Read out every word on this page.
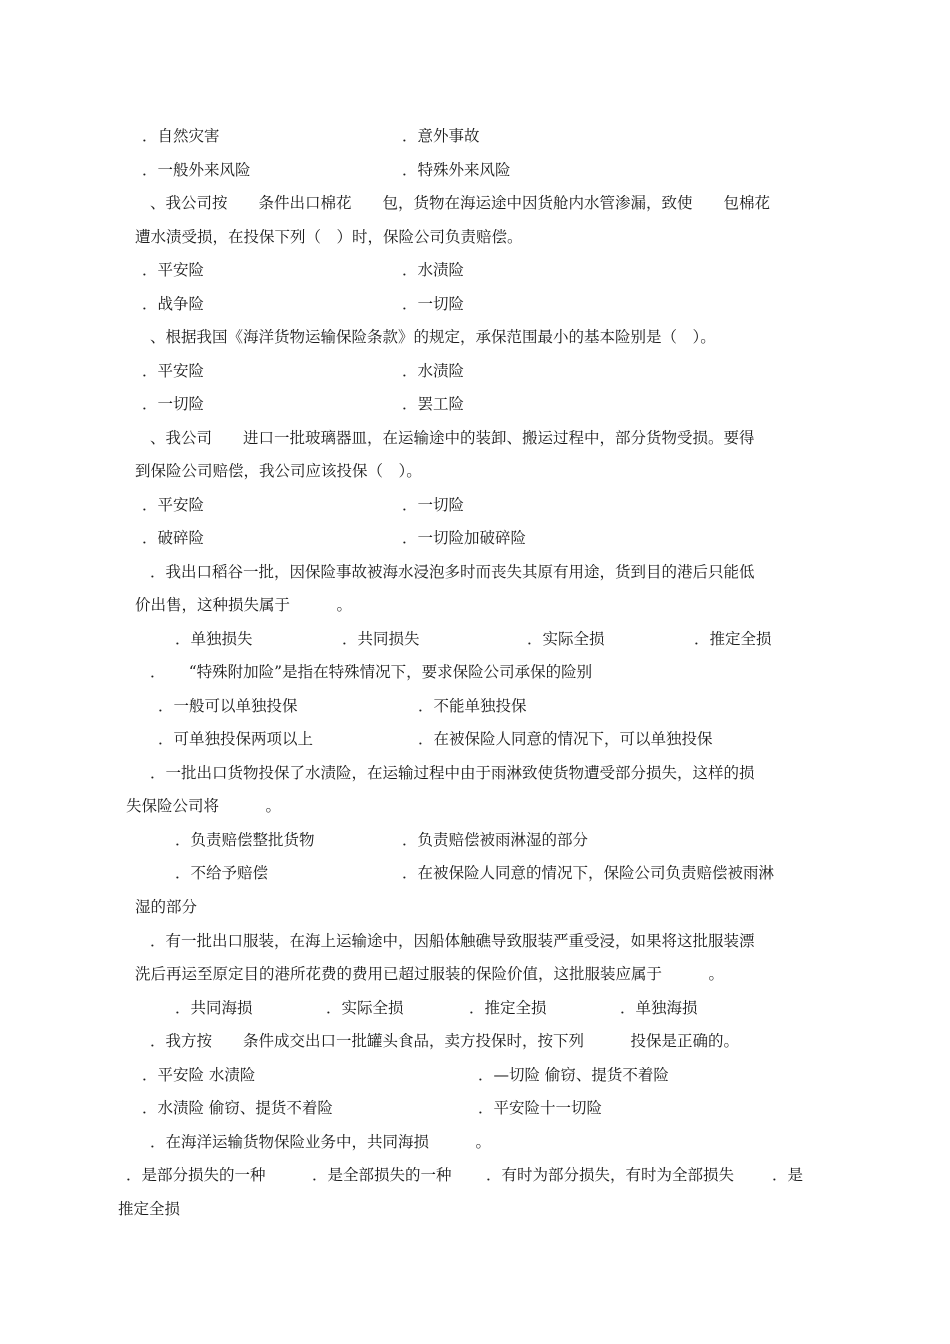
．自然灾害	．意外事故
．一般外来风险	．特殊外来风险
、我公司按　　条件出口棉花　　包，货物在海运途中因货舱内水管渗漏，致使　　包棉花
遭水渍受损，在投保下列（　）时，保险公司负责赔偿。
．平安险	．水渍险
．战争险	．一切险
、根据我国《海洋货物运输保险条款》的规定，承保范围最小的基本险别是（　）。
．平安险	．水渍险
．一切险	．罢工险
、我公司　　进口一批玻璃器皿，在运输途中的装卸、搬运过程中，部分货物受损。要得
到保险公司赔偿，我公司应该投保（　）。
．平安险	．一切险
．破碎险	．一切险加破碎险
．我出口稻谷一批，因保险事故被海水浸泡多时而丧失其原有用途，货到目的港后只能低
价出售，这种损失属于　　　。
．单独损失	．共同损失	．实际全损	．推定全损
．　　“特殊附加险”是指在特殊情况下，要求保险公司承保的险别
．一般可以单独投保	．不能单独投保
．可单独投保两项以上	．在被保险人同意的情况下，可以单独投保
．一批出口货物投保了水渍险，在运输过程中由于雨淋致使货物遭受部分损失，这样的损
失保险公司将　　　。
．负责赔偿整批货物	．负责赔偿被雨淋湿的部分
．不给予赔偿	．在被保险人同意的情况下，保险公司负责赔偿被雨淋
湿的部分
．有一批出口服装，在海上运输途中，因船体触礁导致服装严重受浸，如果将这批服装漂
洗后再运至原定目的港所花费的费用已超过服装的保险价值，这批服装应属于　　　。
．共同海损	．实际全损	．推定全损	．单独海损
．我方按　　条件成交出口一批罐头食品，卖方投保时，按下列　　　投保是正确的。
．平安险 水渍险	．—切险 偷窃、提货不着险
．水渍险 偷窃、提货不着险	．平安险十一切险
．在海洋运输货物保险业务中，共同海损　　　。
．是部分损失的一种	．是全部损失的一种 ．有时为部分损失，有时为全部损失 ．是
推定全损
